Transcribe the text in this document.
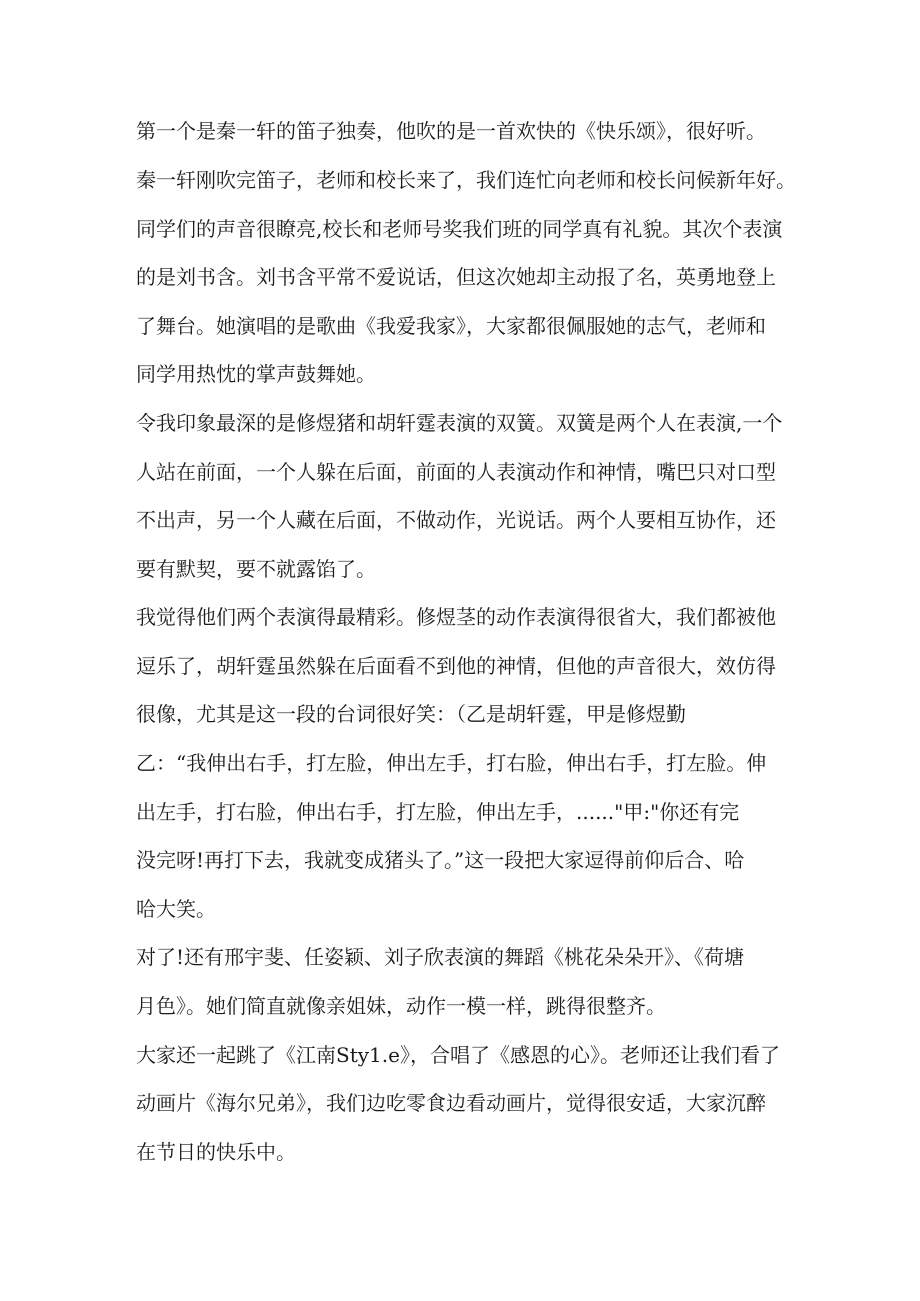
第一个是秦一轩的笛子独奏，他吹的是一首欢快的《快乐颂》，很好听。
秦一轩刚吹完笛子，老师和校长来了，我们连忙向老师和校长问候新年好。
同学们的声音很瞭亮,校长和老师号奖我们班的同学真有礼貌。其次个表演
的是刘书含。刘书含平常不爱说话，但这次她却主动报了名，英勇地登上
了舞台。她演唱的是歌曲《我爱我家》，大家都很佩服她的志气，老师和
同学用热忱的掌声鼓舞她。
令我印象最深的是修煜猪和胡轩霆表演的双簧。双簧是两个人在表演,一个
人站在前面，一个人躲在后面，前面的人表演动作和神情，嘴巴只对口型
不出声，另一个人藏在后面，不做动作，光说话。两个人要相互协作，还
要有默契，要不就露馅了。
我觉得他们两个表演得最精彩。修煜茎的动作表演得很省大，我们都被他
逗乐了，胡轩霆虽然躲在后面看不到他的神情，但他的声音很大，效仿得
很像，尤其是这一段的台词很好笑：（乙是胡轩霆，甲是修煜勤
乙：“我伸出右手，打左脸，伸出左手，打右脸，伸出右手，打左脸。伸
出左手，打右脸，伸出右手，打左脸，伸出左手，......"甲:"你还有完
没完呀!再打下去，我就变成猪头了。”这一段把大家逗得前仰后合、哈
哈大笑。
对了!还有邢宇斐、任姿颖、刘子欣表演的舞蹈《桃花朵朵开》、《荷塘
月色》。她们简直就像亲姐妹，动作一模一样，跳得很整齐。
大家还一起跳了《江南Sty1.e》，合唱了《感恩的心》。老师还让我们看了
动画片《海尔兄弟》，我们边吃零食边看动画片，觉得很安适，大家沉醉
在节日的快乐中。
